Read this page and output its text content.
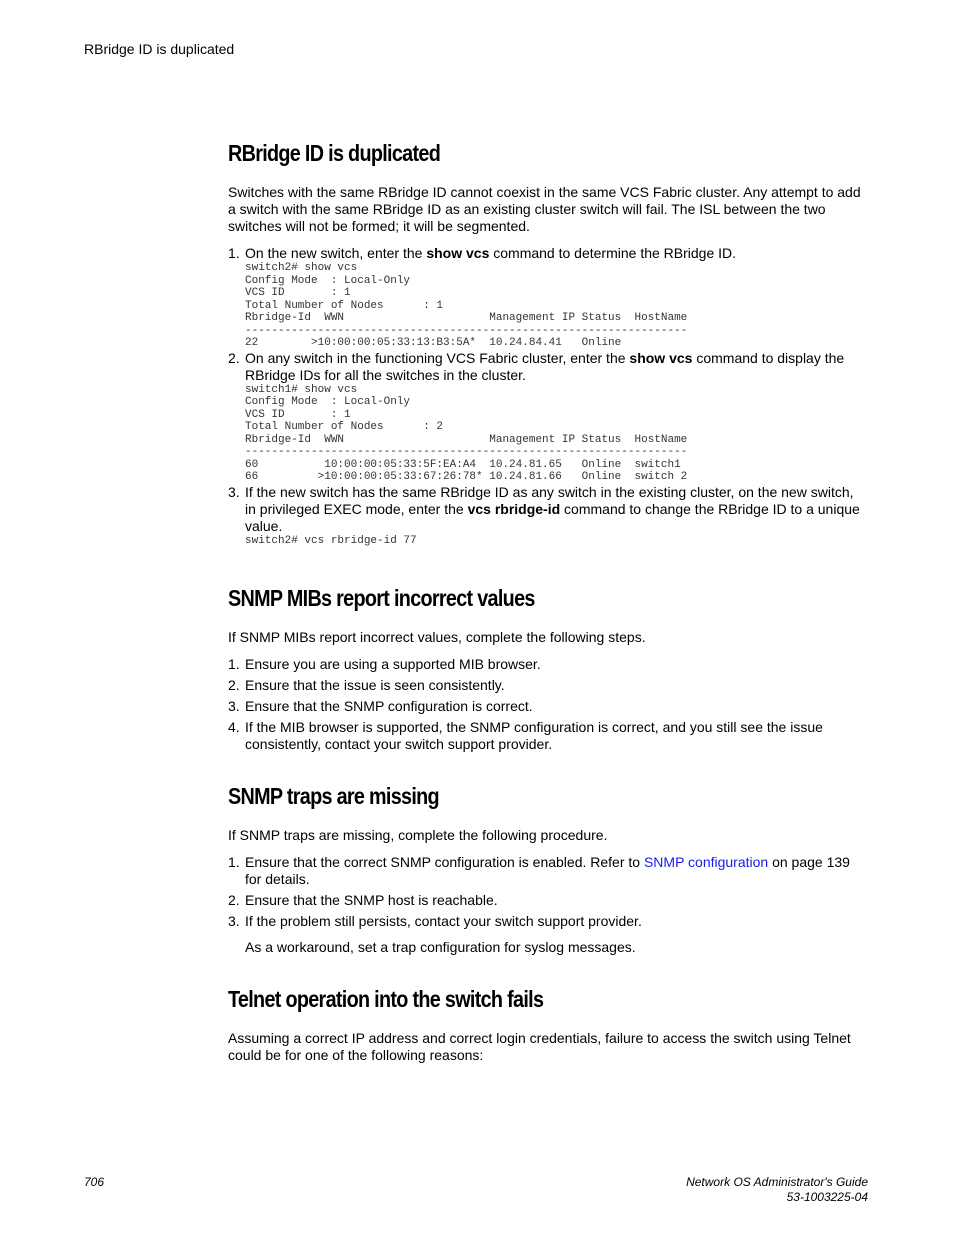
RBridge ID is duplicated
RBridge ID is duplicated

Switches with the same RBridge ID cannot coexist in the same VCS Fabric cluster. Any attempt to add a switch with the same RBridge ID as an existing cluster switch will fail. The ISL between the two switches will not be formed; it will be segmented.

1. On the new switch, enter the show vcs command to determine the RBridge ID.
switch2# show vcs
Config Mode  : Local-Only
VCS ID       : 1
Total Number of Nodes      : 1
Rbridge-Id  WWN                      Management IP Status  HostName
-------------------------------------------------------------------
22        >10:00:00:05:33:13:B3:5A*  10.24.84.41   Online
2. On any switch in the functioning VCS Fabric cluster, enter the show vcs command to display the RBridge IDs for all the switches in the cluster.
switch1# show vcs
Config Mode  : Local-Only
VCS ID       : 1
Total Number of Nodes      : 2
Rbridge-Id  WWN                      Management IP Status  HostName
-------------------------------------------------------------------
60          10:00:00:05:33:5F:EA:A4  10.24.81.65   Online  switch1
66         >10:00:00:05:33:67:26:78* 10.24.81.66   Online  switch 2
3. If the new switch has the same RBridge ID as any switch in the existing cluster, on the new switch, in privileged EXEC mode, enter the vcs rbridge-id command to change the RBridge ID to a unique value.
switch2# vcs rbridge-id 77
SNMP MIBs report incorrect values

If SNMP MIBs report incorrect values, complete the following steps.

1. Ensure you are using a supported MIB browser.
2. Ensure that the issue is seen consistently.
3. Ensure that the SNMP configuration is correct.
4. If the MIB browser is supported, the SNMP configuration is correct, and you still see the issue consistently, contact your switch support provider.
SNMP traps are missing

If SNMP traps are missing, complete the following procedure.

1. Ensure that the correct SNMP configuration is enabled. Refer to SNMP configuration on page 139 for details.
2. Ensure that the SNMP host is reachable.
3. If the problem still persists, contact your switch support provider.

As a workaround, set a trap configuration for syslog messages.

Telnet operation into the switch fails

Assuming a correct IP address and correct login credentials, failure to access the switch using Telnet could be for one of the following reasons:

706	Network OS Administrator's Guide
53-1003225-04
